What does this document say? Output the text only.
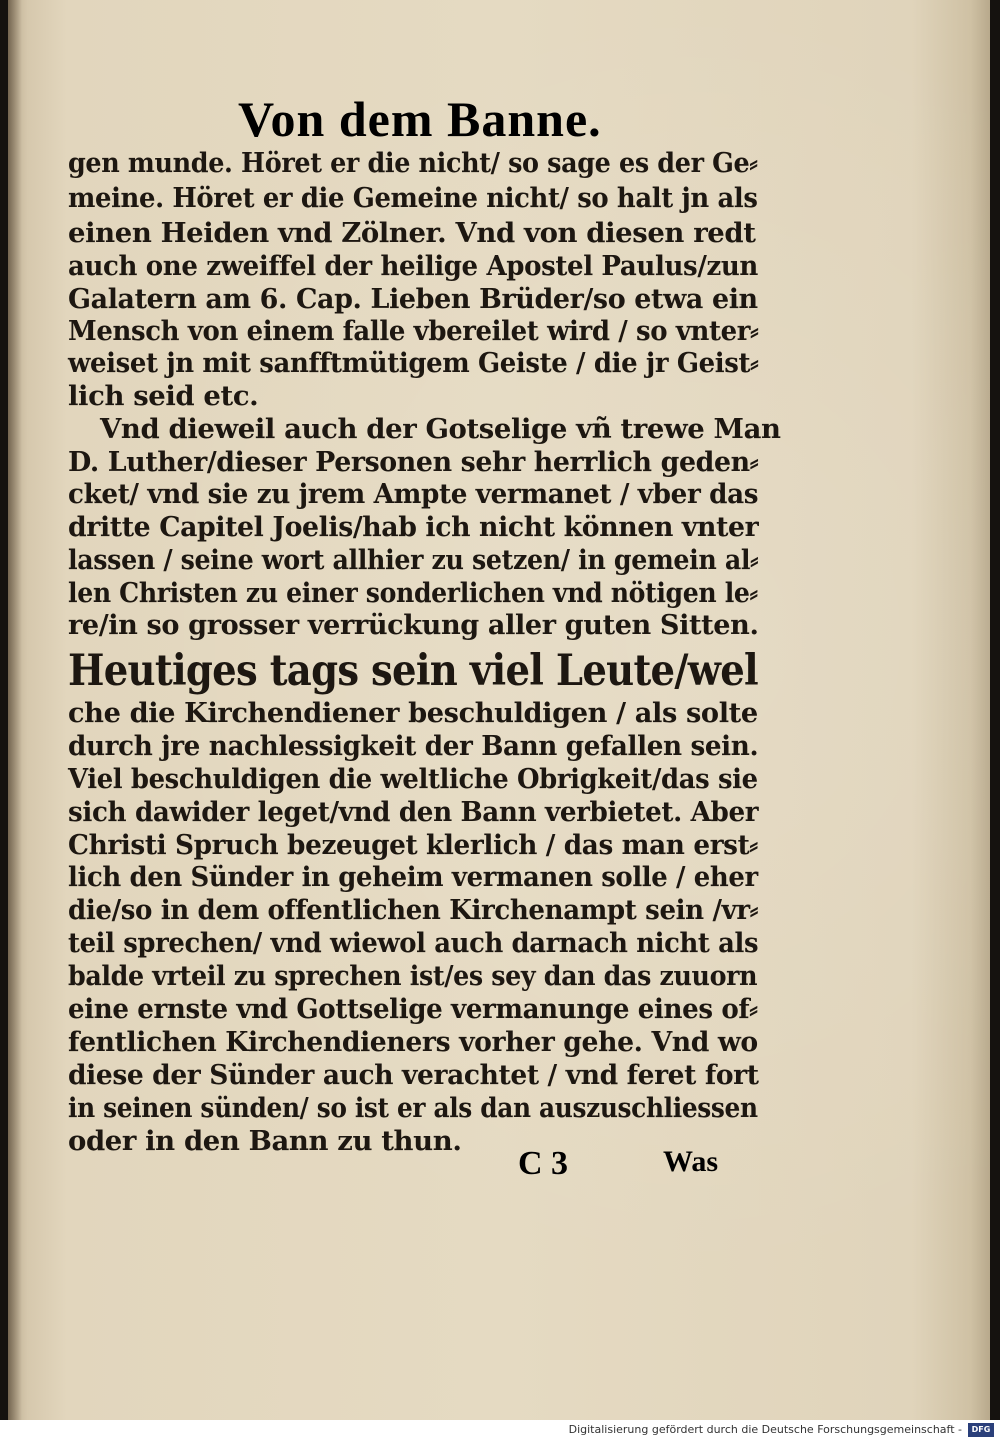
Von dem Banne.
gen munde. Höret er die nicht/ so sage es der Ge⸗
meine. Höret er die Gemeine nicht/ so halt jn als
einen Heiden vnd Zölner. Vnd von diesen redt
auch one zweiffel der heilige Apostel Paulus/zun
Galatern am 6. Cap. Lieben Brüder/so etwa ein
Mensch von einem falle vbereilet wird / so vnter⸗
weiset jn mit sanfftmütigem Geiste / die jr Geist⸗
lich seid etc.
Vnd dieweil auch der Gotselige vñ trewe Man
D. Luther/dieser Personen sehr herrlich geden⸗
cket/ vnd sie zu jrem Ampte vermanet / vber das
dritte Capitel Joelis/hab ich nicht können vnter
lassen / seine wort allhier zu setzen/ in gemein al⸗
len Christen zu einer sonderlichen vnd nötigen le⸗
re/in so grosser verrückung aller guten Sitten.
Heutiges tags sein viel Leute/wel
che die Kirchendiener beschuldigen / als solte
durch jre nachlessigkeit der Bann gefallen sein.
Viel beschuldigen die weltliche Obrigkeit/das sie
sich dawider leget/vnd den Bann verbietet. Aber
Christi Spruch bezeuget klerlich / das man erst⸗
lich den Sünder in geheim vermanen solle / eher
die/so in dem offentlichen Kirchenampt sein /vr⸗
teil sprechen/ vnd wiewol auch darnach nicht als
balde vrteil zu sprechen ist/es sey dan das zuuorn
eine ernste vnd Gottselige vermanunge eines of⸗
fentlichen Kirchendieners vorher gehe. Vnd wo
diese der Sünder auch verachtet / vnd feret fort
in seinen sünden/ so ist er als dan auszuschliessen
oder in den Bann zu thun.
C 3	Was
Digitalisierung gefördert durch die Deutsche Forschungsgemeinschaft -	DFG
